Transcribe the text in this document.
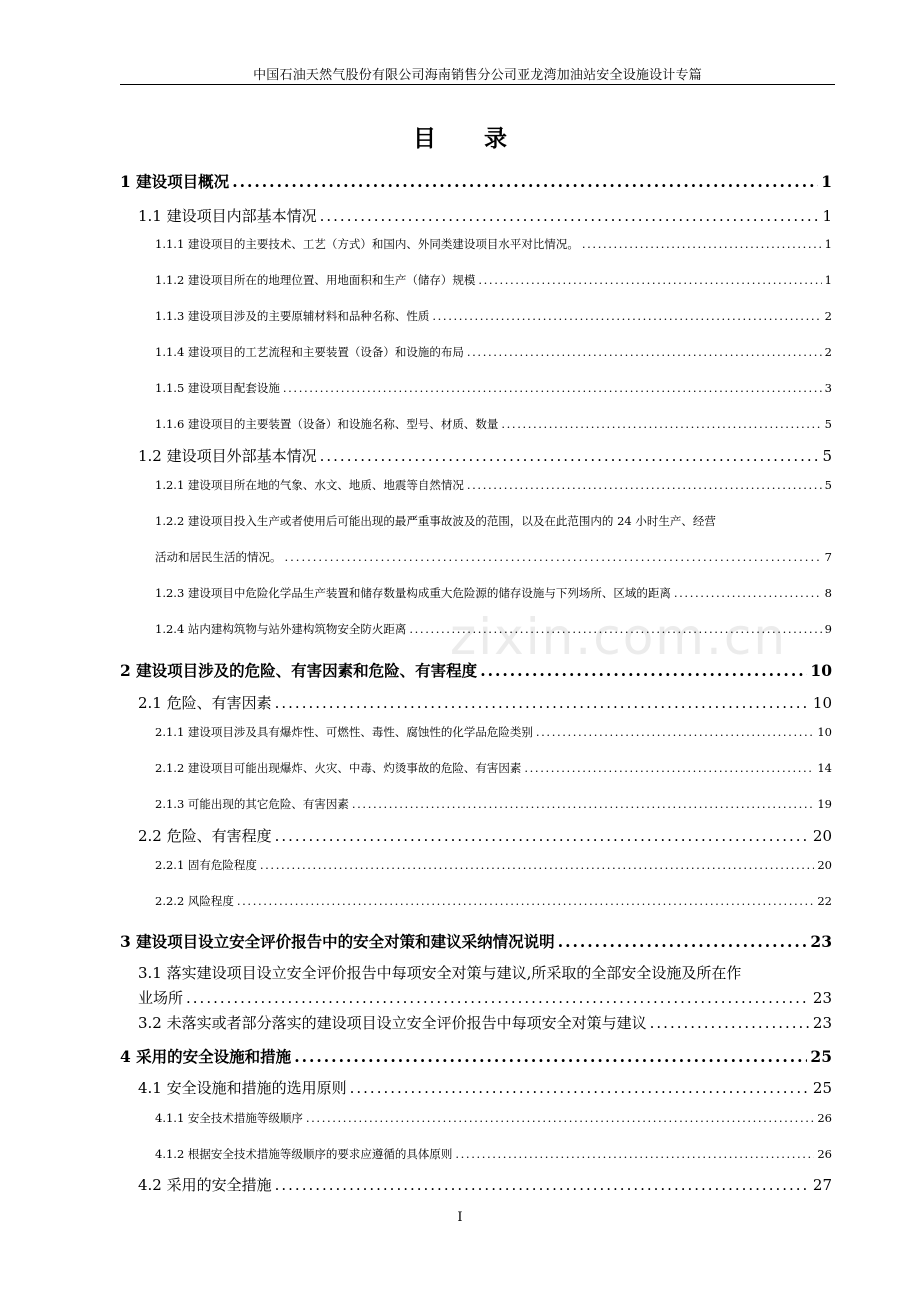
中国石油天然气股份有限公司海南销售分公司亚龙湾加油站安全设施设计专篇
目 录
zixin.com.cn
1 建设项目概况 .....	1
1.1 建设项目内部基本情况 .....	1
1.1.1 建设项目的主要技术、工艺（方式）和国内、外同类建设项目水平对比情况。 .....	1
1.1.2 建设项目所在的地理位置、用地面积和生产（储存）规模 .....	1
1.1.3 建设项目涉及的主要原辅材料和品种名称、性质 .....	2
1.1.4 建设项目的工艺流程和主要装置（设备）和设施的布局 .....	2
1.1.5 建设项目配套设施 .....	3
1.1.6 建设项目的主要装置（设备）和设施名称、型号、材质、数量 .....	5
1.2 建设项目外部基本情况 .....	5
1.2.1 建设项目所在地的气象、水文、地质、地震等自然情况 .....	5
1.2.2 建设项目投入生产或者使用后可能出现的最严重事故波及的范围，以及在此范围内的 24 小时生产、经营
活动和居民生活的情况。 .....	7
1.2.3 建设项目中危险化学品生产装置和储存数量构成重大危险源的储存设施与下列场所、区域的距离 .....	8
1.2.4 站内建构筑物与站外建构筑物安全防火距离 .....	9
2 建设项目涉及的危险、有害因素和危险、有害程度 .....	10
2.1 危险、有害因素 .....	10
2.1.1 建设项目涉及具有爆炸性、可燃性、毒性、腐蚀性的化学品危险类别 .....	10
2.1.2 建设项目可能出现爆炸、火灾、中毒、灼烫事故的危险、有害因素 .....	14
2.1.3 可能出现的其它危险、有害因素 .....	19
2.2 危险、有害程度 .....	20
2.2.1 固有危险程度 .....	20
2.2.2 风险程度 .....	22
3 建设项目设立安全评价报告中的安全对策和建议采纳情况说明 .....	23
3.1 落实建设项目设立安全评价报告中每项安全对策与建议,所采取的全部安全设施及所在作
业场所 .....	23
3.2 未落实或者部分落实的建设项目设立安全评价报告中每项安全对策与建议 .....	23
4 采用的安全设施和措施 .....	25
4.1 安全设施和措施的选用原则 .....	25
4.1.1 安全技术措施等级顺序 .....	26
4.1.2 根据安全技术措施等级顺序的要求应遵循的具体原则 .....	26
4.2 采用的安全措施 .....	27
I
